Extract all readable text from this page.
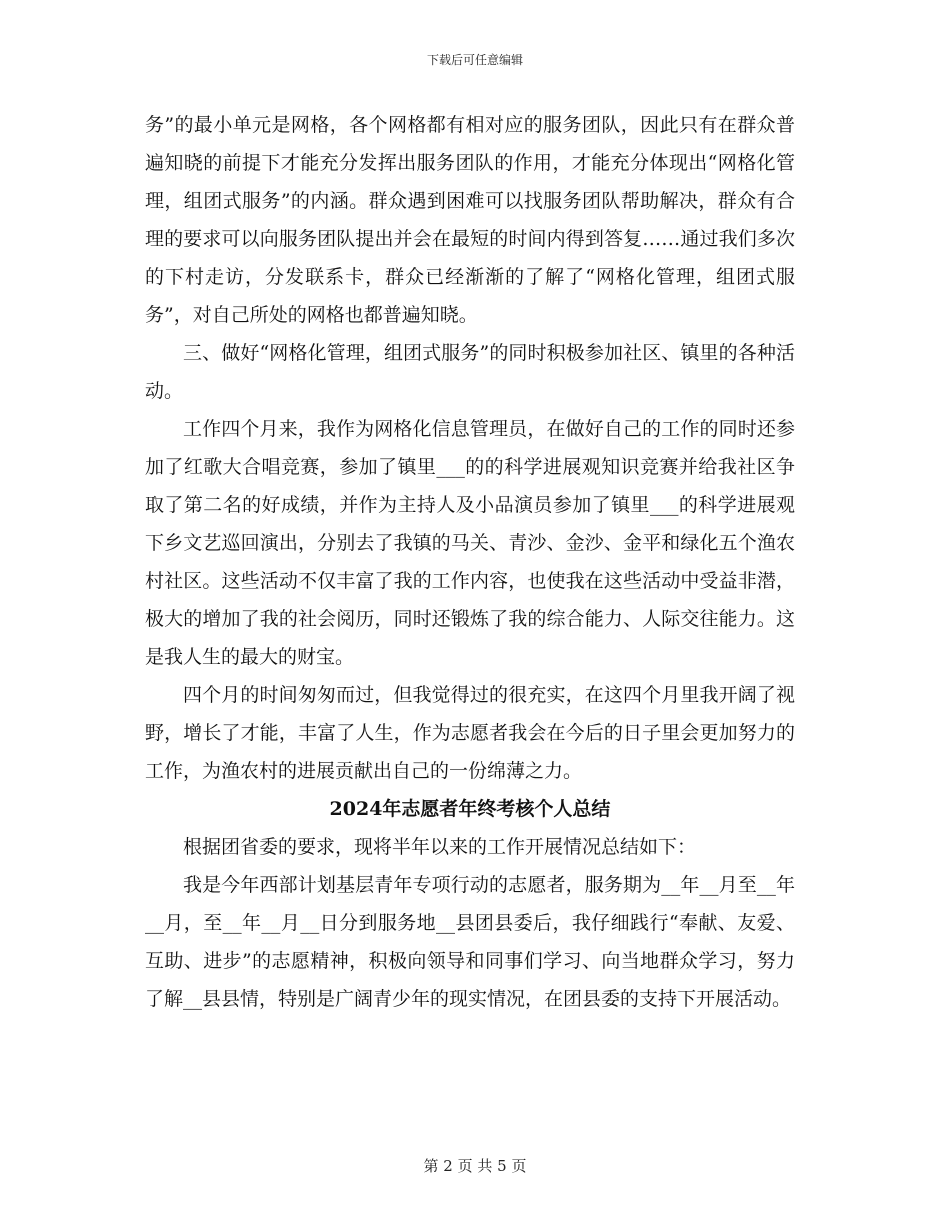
下载后可任意编辑

务”的最小单元是网格，各个网格都有相对应的服务团队，因此只有在群众普遍知晓的前提下才能充分发挥出服务团队的作用，才能充分体现出“网格化管理，组团式服务”的内涵。群众遇到困难可以找服务团队帮助解决，群众有合理的要求可以向服务团队提出并会在最短的时间内得到答复……通过我们多次的下村走访，分发联系卡，群众已经渐渐的了解了“网格化管理，组团式服务”，对自己所处的网格也都普遍知晓。

三、做好“网格化管理，组团式服务”的同时积极参加社区、镇里的各种活动。

工作四个月来，我作为网格化信息管理员，在做好自己的工作的同时还参加了红歌大合唱竞赛，参加了镇里___的的科学进展观知识竞赛并给我社区争取了第二名的好成绩，并作为主持人及小品演员参加了镇里___的科学进展观下乡文艺巡回演出，分别去了我镇的马关、青沙、金沙、金平和绿化五个渔农村社区。这些活动不仅丰富了我的工作内容，也使我在这些活动中受益非潜，极大的增加了我的社会阅历，同时还锻炼了我的综合能力、人际交往能力。这是我人生的最大的财宝。

四个月的时间匆匆而过，但我觉得过的很充实，在这四个月里我开阔了视野，增长了才能，丰富了人生，作为志愿者我会在今后的日子里会更加努力的工作，为渔农村的进展贡献出自己的一份绵薄之力。

2024年志愿者年终考核个人总结

根据团省委的要求，现将半年以来的工作开展情况总结如下：

我是今年西部计划基层青年专项行动的志愿者，服务期为__年__月至__年__月，至__年__月__日分到服务地__县团县委后，我仔细践行“奉献、友爱、互助、进步”的志愿精神，积极向领导和同事们学习、向当地群众学习，努力了解__县县情，特别是广阔青少年的现实情况，在团县委的支持下开展活动。

第 2 页 共 5 页
